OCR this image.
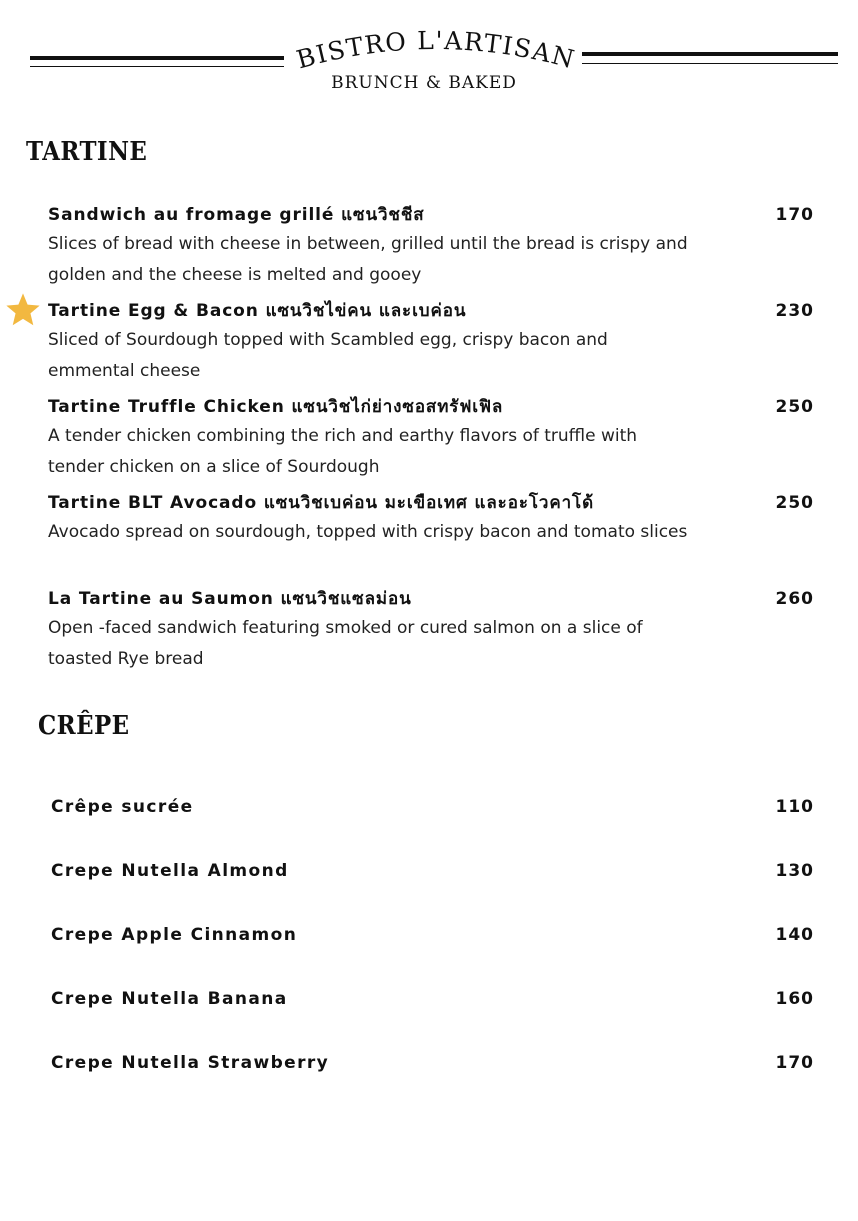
BISTRO L'ARTISAN
BRUNCH & BAKED
TARTINE
Sandwich au fromage grillé แซนวิชชีส	170
Slices of bread with cheese in between, grilled until the bread is crispy and golden and the cheese is melted and gooey
Tartine Egg & Bacon แซนวิชไข่คน และเบค่อน	230
Sliced of Sourdough topped with Scambled egg, crispy bacon and emmental cheese
Tartine Truffle Chicken แซนวิชไก่ย่างซอสทรัฟเฟิล	250
A tender chicken combining the rich and earthy flavors of truffle with tender chicken on a slice of Sourdough
Tartine BLT Avocado แซนวิชเบค่อน มะเขือเทศ และอะโวคาโด้	250
Avocado spread on sourdough, topped with crispy bacon and tomato slices
La Tartine au Saumon แซนวิชแซลม่อน	260
Open -faced sandwich featuring smoked or cured salmon on a slice of toasted Rye bread
CRÊPE
Crêpe sucrée	110
Crepe Nutella Almond	130
Crepe Apple Cinnamon	140
Crepe Nutella Banana	160
Crepe Nutella Strawberry	170
